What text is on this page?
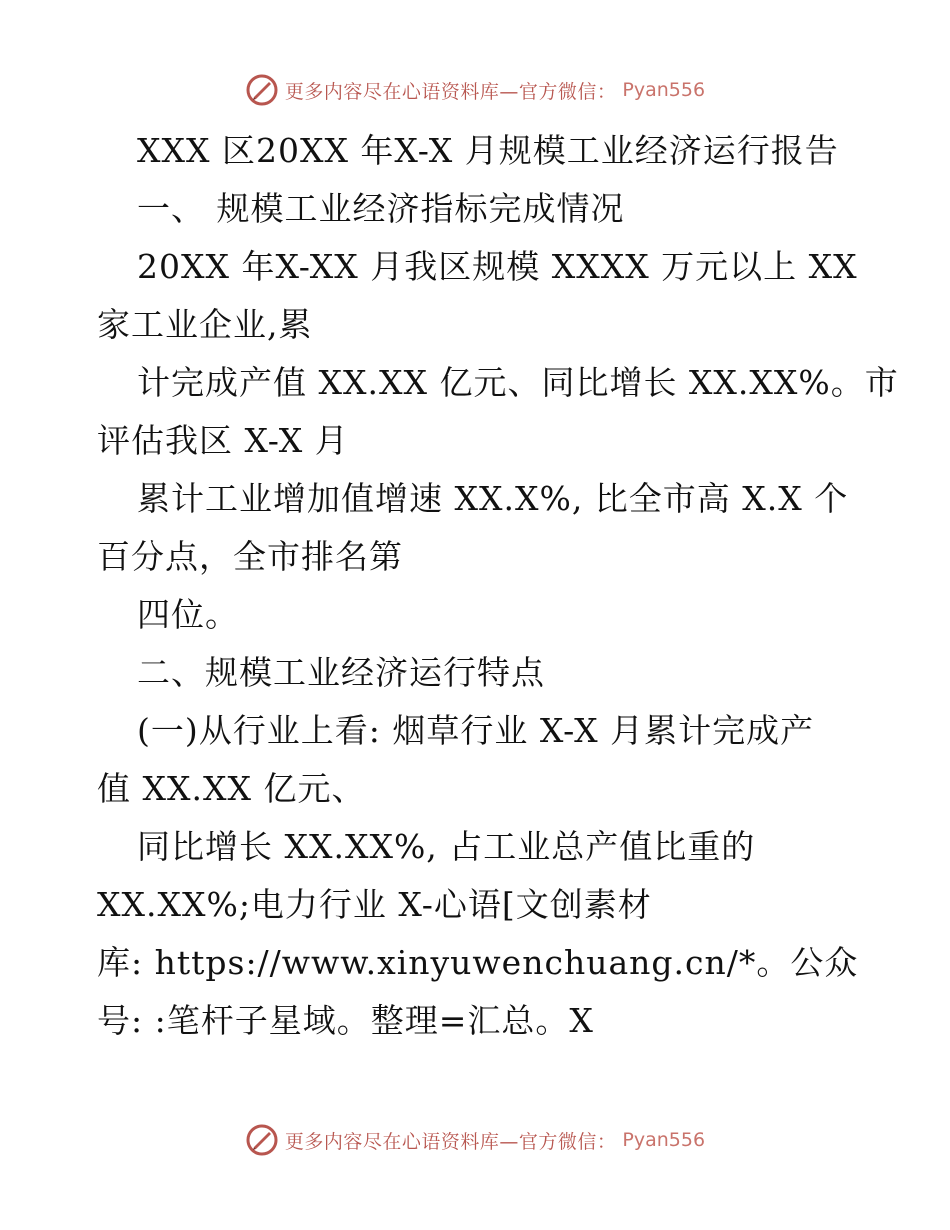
更多内容尽在心语资料库—官方微信： Pyan556
XXX 区20XX 年X-X 月规模工业经济运行报告
一、 规模工业经济指标完成情况
20XX 年X-XX 月我区规模 XXXX 万元以上 XX
家工业企业,累
计完成产值 XX.XX 亿元、同比增长 XX.XX%。市
评估我区 X-X 月
累计工业增加值增速 XX.X%, 比全市高 X.X 个
百分点，全市排名第
四位。
二、规模工业经济运行特点
(一)从行业上看: 烟草行业 X-X 月累计完成产
值 XX.XX 亿元、
同比增长 XX.XX%, 占工业总产值比重的
XX.XX%;电力行业 X-心语[文创素材
库: https://www.xinyuwenchuang.cn/*。公众
号: :笔杆子星域。整理=汇总。X
更多内容尽在心语资料库—官方微信： Pyan556
